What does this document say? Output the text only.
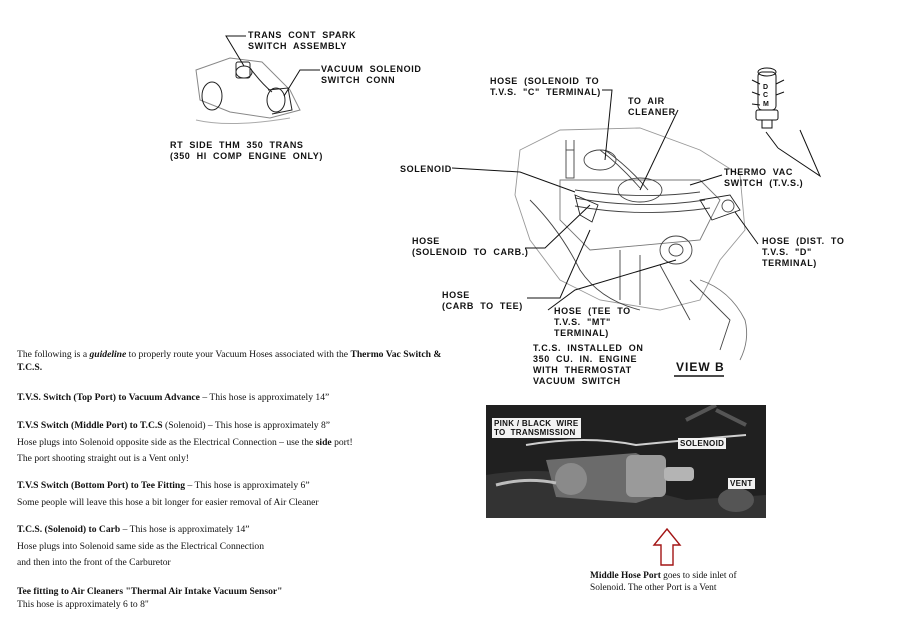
TRANS  CONT  SPARK
SWITCH  ASSEMBLY
VACUUM  SOLENOID
SWITCH  CONN
RT  SIDE  THM  350  TRANS
(350  HI  COMP  ENGINE  ONLY)
HOSE  (SOLENOID  TO
T.V.S.  "C"  TERMINAL)
TO  AIR
CLEANER
SOLENOID	THERMO  VAC
SWITCH  (T.V.S.)
HOSE
(SOLENOID  TO  CARB.)
HOSE  (DIST.  TO
T.V.S.  "D"
TERMINAL)
HOSE
(CARB  TO  TEE)	HOSE  (TEE  TO
T.V.S.  "MT"
TERMINAL)
T.C.S.  INSTALLED  ON
350  CU.  IN.  ENGINE
WITH  THERMOSTAT
VACUUM  SWITCH
VIEW B
D
C
M
The following is a guideline to properly route your Vacuum Hoses associated with the Thermo Vac Switch & T.C.S.
T.V.S. Switch (Top Port) to Vacuum Advance – This hose is approximately 14”
T.V.S Switch (Middle Port) to T.C.S (Solenoid) – This hose is approximately 8”
Hose plugs into Solenoid opposite side as the Electrical Connection – use the side port!
The port shooting straight out is a Vent only!
T.V.S Switch (Bottom Port) to Tee Fitting – This hose is approximately 6”
Some people will leave this hose a bit longer for easier removal of Air Cleaner
T.C.S. (Solenoid) to Carb – This hose is approximately 14”
Hose plugs into Solenoid same side as the Electrical Connection
and then into the front of the Carburetor
Tee fitting to Air Cleaners "Thermal Air Intake Vacuum Sensor"
This hose is approximately 6 to 8"
PINK / BLACK  WIRE
TO  TRANSMISSION
SOLENOID
VENT
Middle Hose Port goes to side inlet of
Solenoid. The other Port is a Vent
